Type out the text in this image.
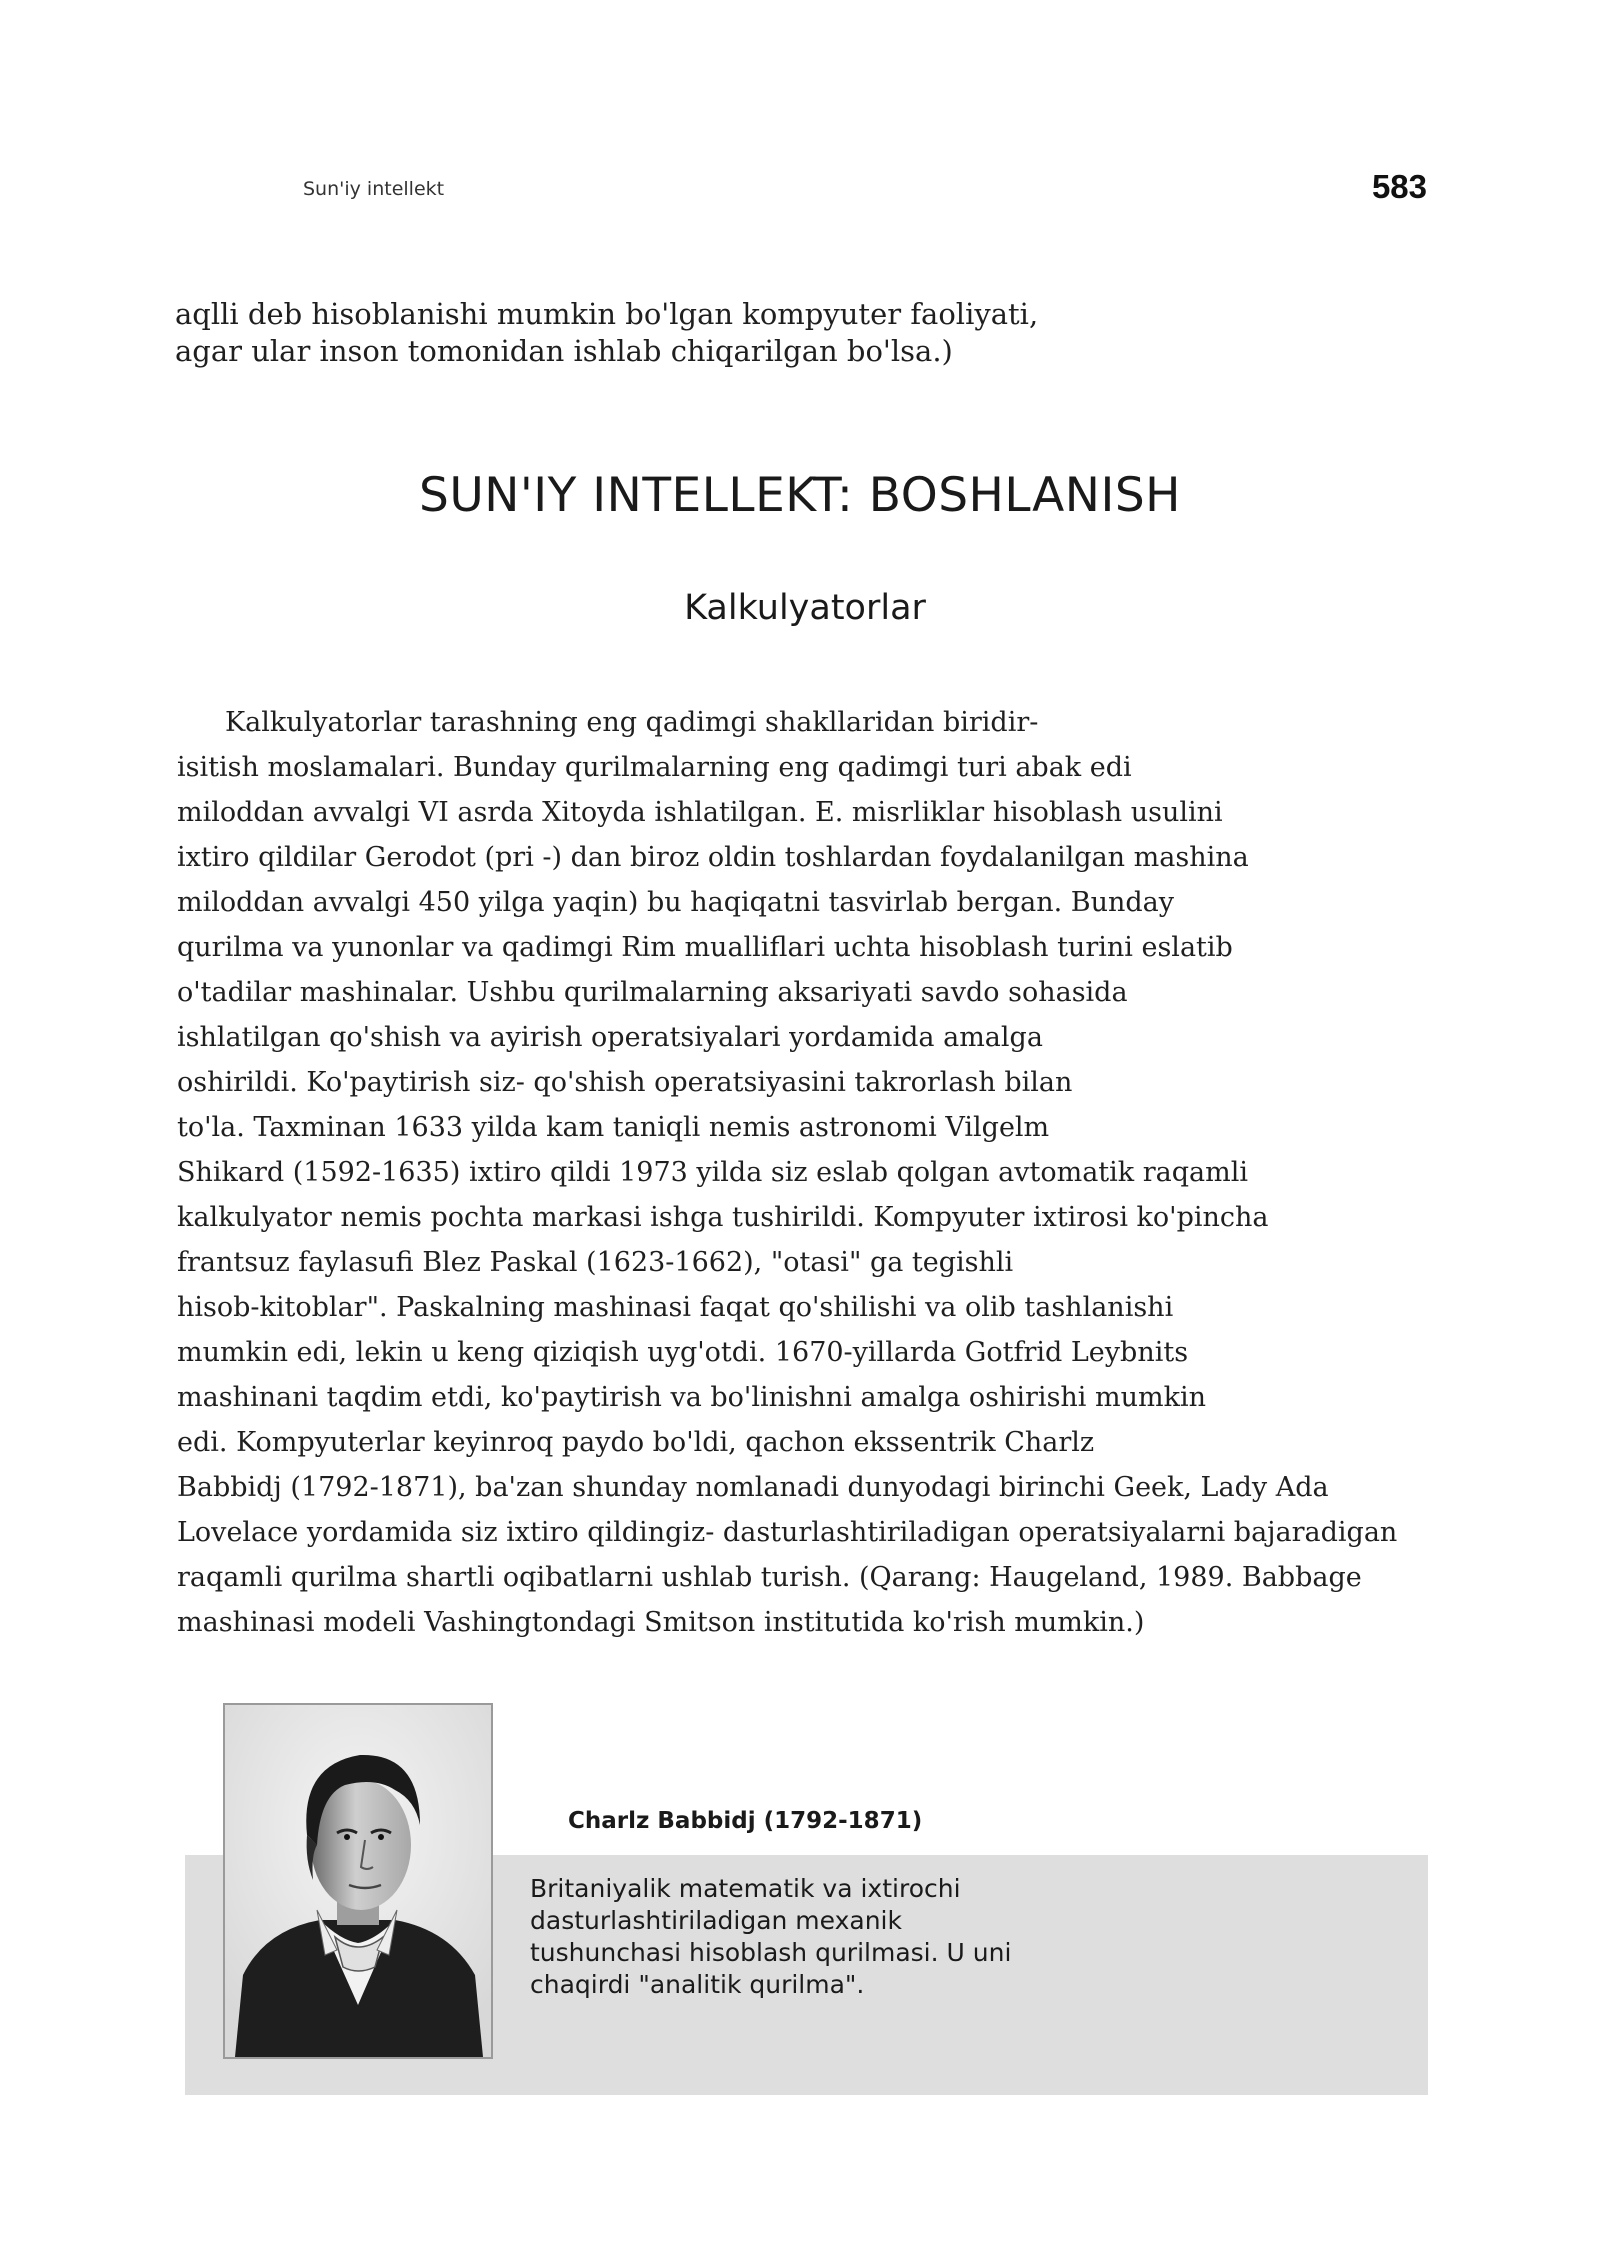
Sun'iy intellekt	583
aqlli deb hisoblanishi mumkin bo'lgan kompyuter faoliyati,
agar ular inson tomonidan ishlab chiqarilgan bo'lsa.)
SUN'IY INTELLEKT: BOSHLANISH
Kalkulyatorlar
Kalkulyatorlar tarashning eng qadimgi shakllaridan biridir-
isitish moslamalari. Bunday qurilmalarning eng qadimgi turi abak edi
miloddan avvalgi VI asrda Xitoyda ishlatilgan. E. misrliklar hisoblash usulini
ixtiro qildilar Gerodot (pri -) dan biroz oldin toshlardan foydalanilgan mashina
miloddan avvalgi 450 yilga yaqin) bu haqiqatni tasvirlab bergan. Bunday
qurilma va yunonlar va qadimgi Rim mualliflari uchta hisoblash turini eslatib
o'tadilar mashinalar. Ushbu qurilmalarning aksariyati savdo sohasida
ishlatilgan qo'shish va ayirish operatsiyalari yordamida amalga
oshirildi. Ko'paytirish siz- qo'shish operatsiyasini takrorlash bilan
to'la. Taxminan 1633 yilda kam taniqli nemis astronomi Vilgelm
Shikard (1592-1635) ixtiro qildi 1973 yilda siz eslab qolgan avtomatik raqamli
kalkulyator nemis pochta markasi ishga tushirildi. Kompyuter ixtirosi ko'pincha
frantsuz faylasufi Blez Paskal (1623-1662), "otasi" ga tegishli
hisob-kitoblar". Paskalning mashinasi faqat qo'shilishi va olib tashlanishi
mumkin edi, lekin u keng qiziqish uyg'otdi. 1670-yillarda Gotfrid Leybnits
mashinani taqdim etdi, ko'paytirish va bo'linishni amalga oshirishi mumkin
edi. Kompyuterlar keyinroq paydo bo'ldi, qachon ekssentrik Charlz
Babbidj (1792-1871), ba'zan shunday nomlanadi dunyodagi birinchi Geek, Lady Ada
Lovelace yordamida siz ixtiro qildingiz- dasturlashtiriladigan operatsiyalarni bajaradigan
raqamli qurilma shartli oqibatlarni ushlab turish. (Qarang: Haugeland, 1989. Babbage
mashinasi modeli Vashingtondagi Smitson institutida ko'rish mumkin.)
Charlz Babbidj (1792-1871)
Britaniyalik matematik va ixtirochi
dasturlashtiriladigan mexanik
tushunchasi hisoblash qurilmasi. U uni
chaqirdi "analitik qurilma".
